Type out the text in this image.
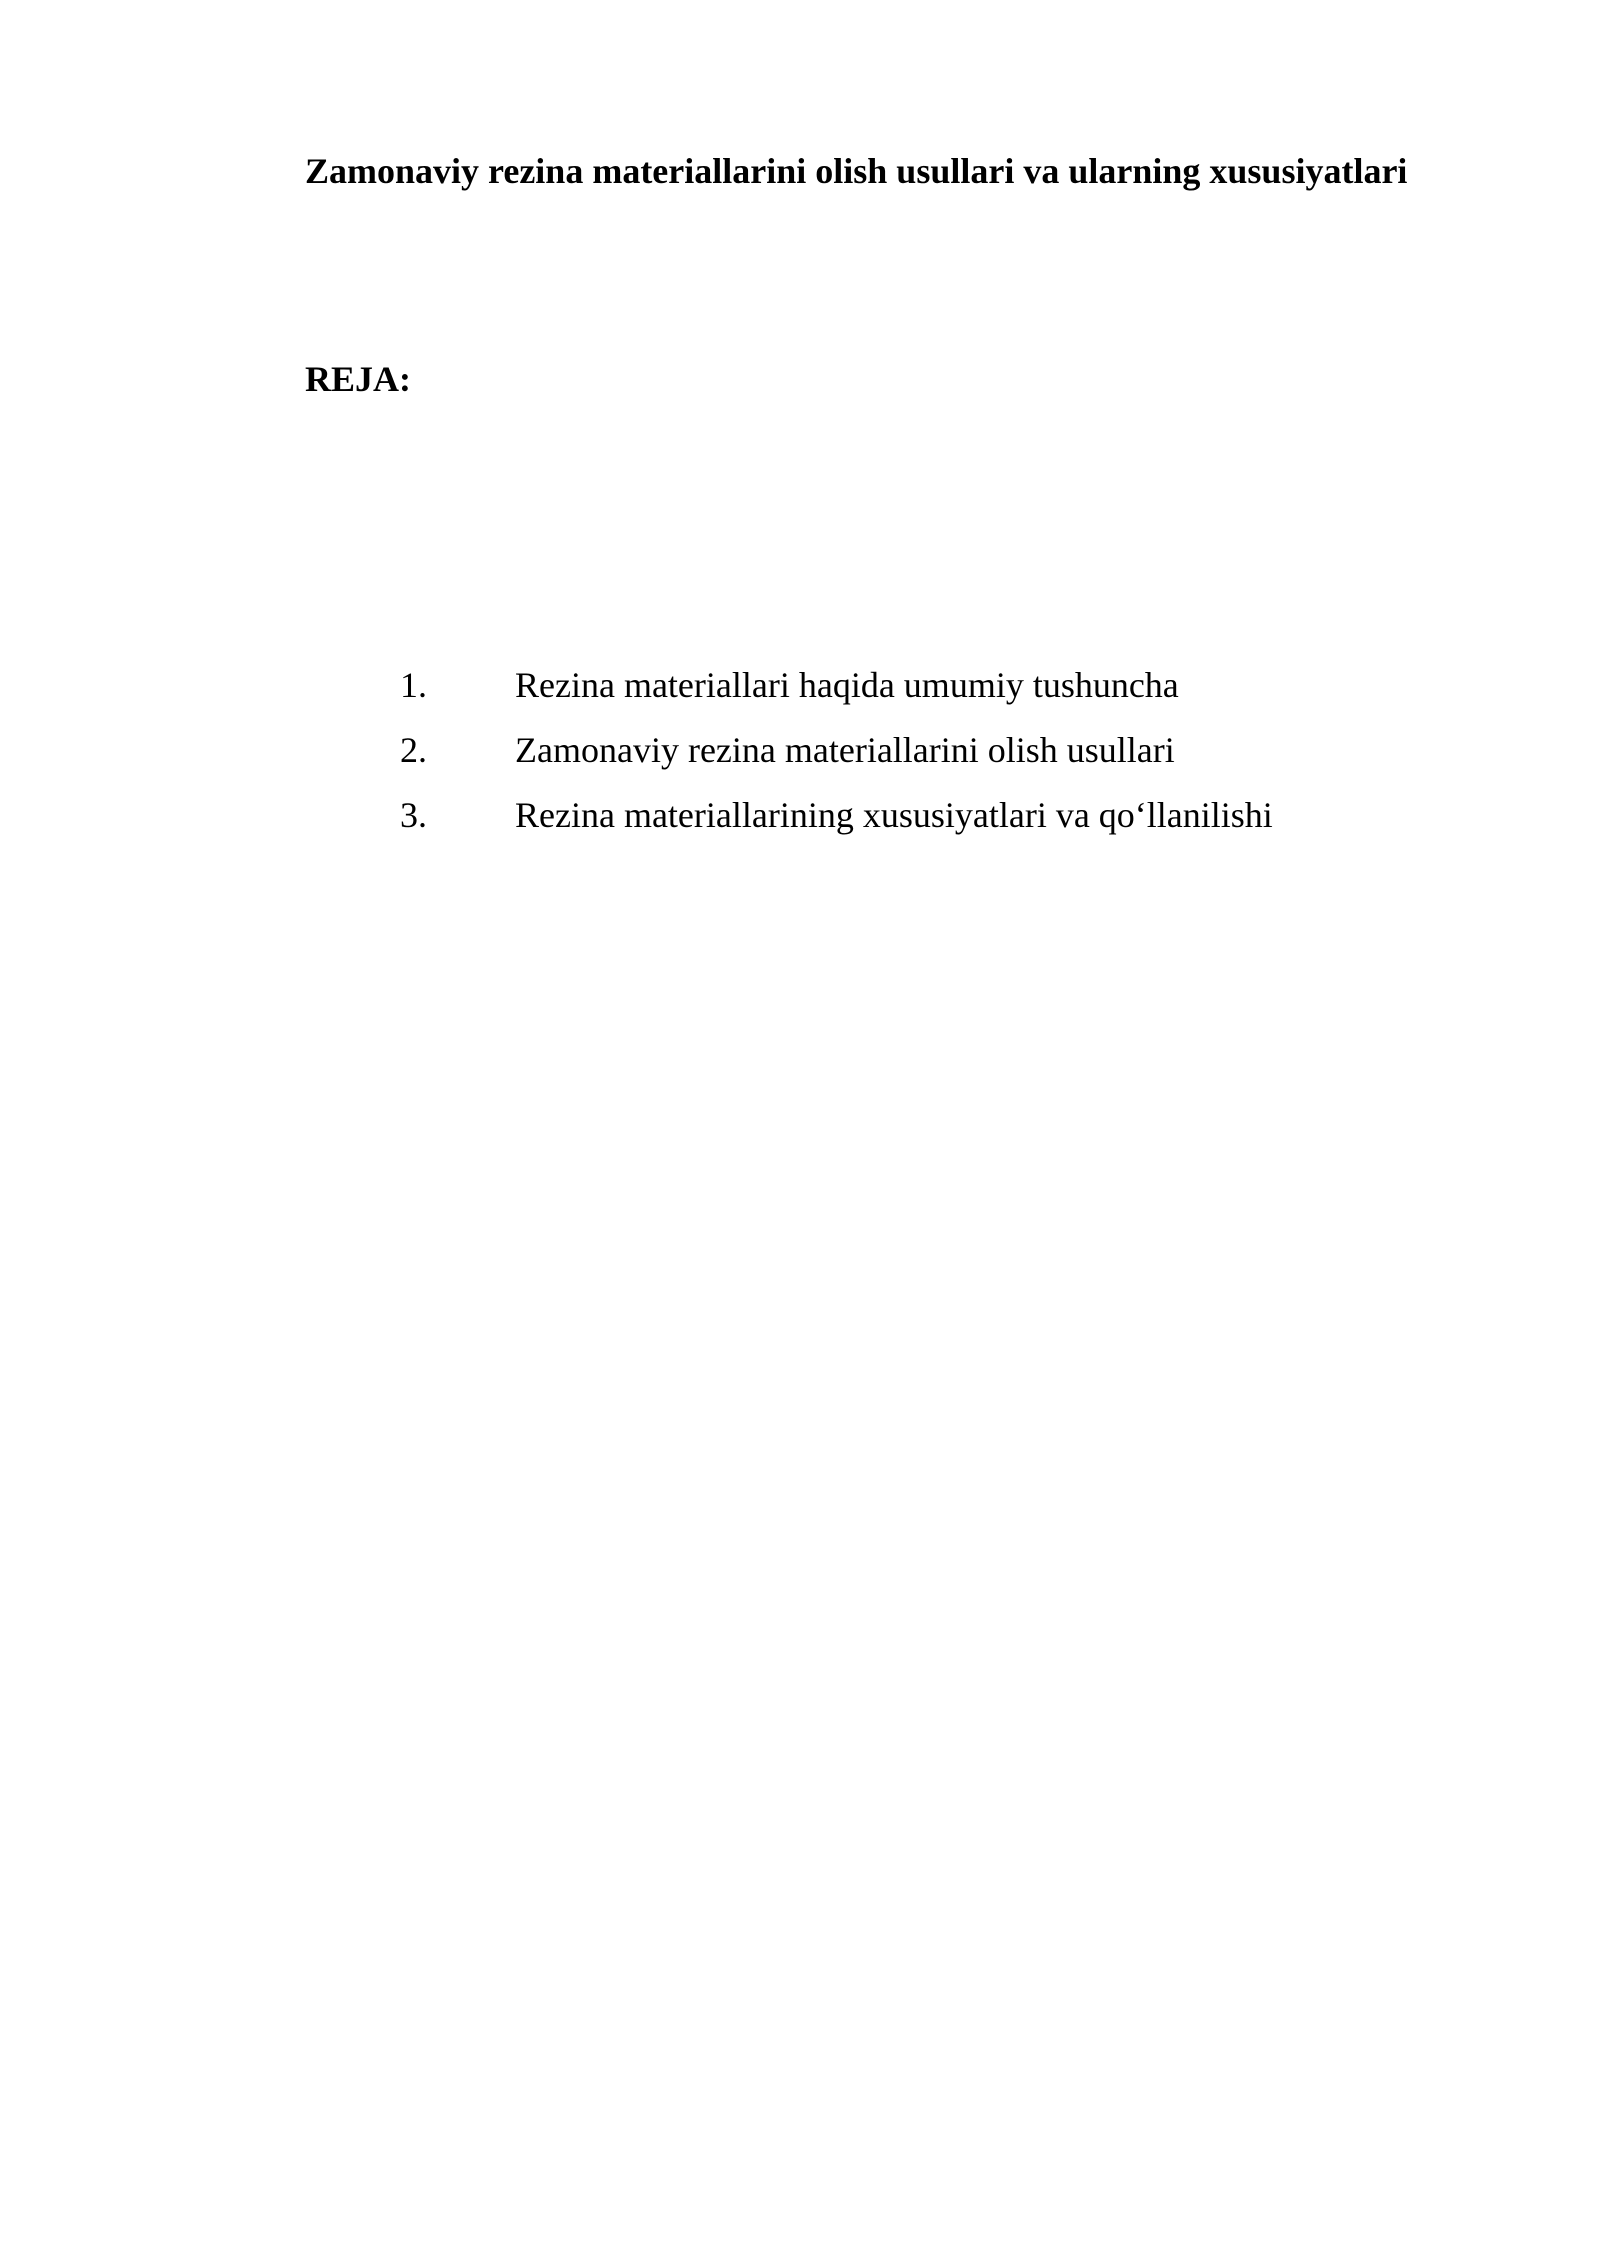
Zamonaviy rezina materiallarini olish usullari va ularning xususiyatlari
REJA:
1.	Rezina materiallari haqida umumiy tushuncha
2.	Zamonaviy rezina materiallarini olish usullari
3.	Rezina materiallarining xususiyatlari va qo‘llanilishi
